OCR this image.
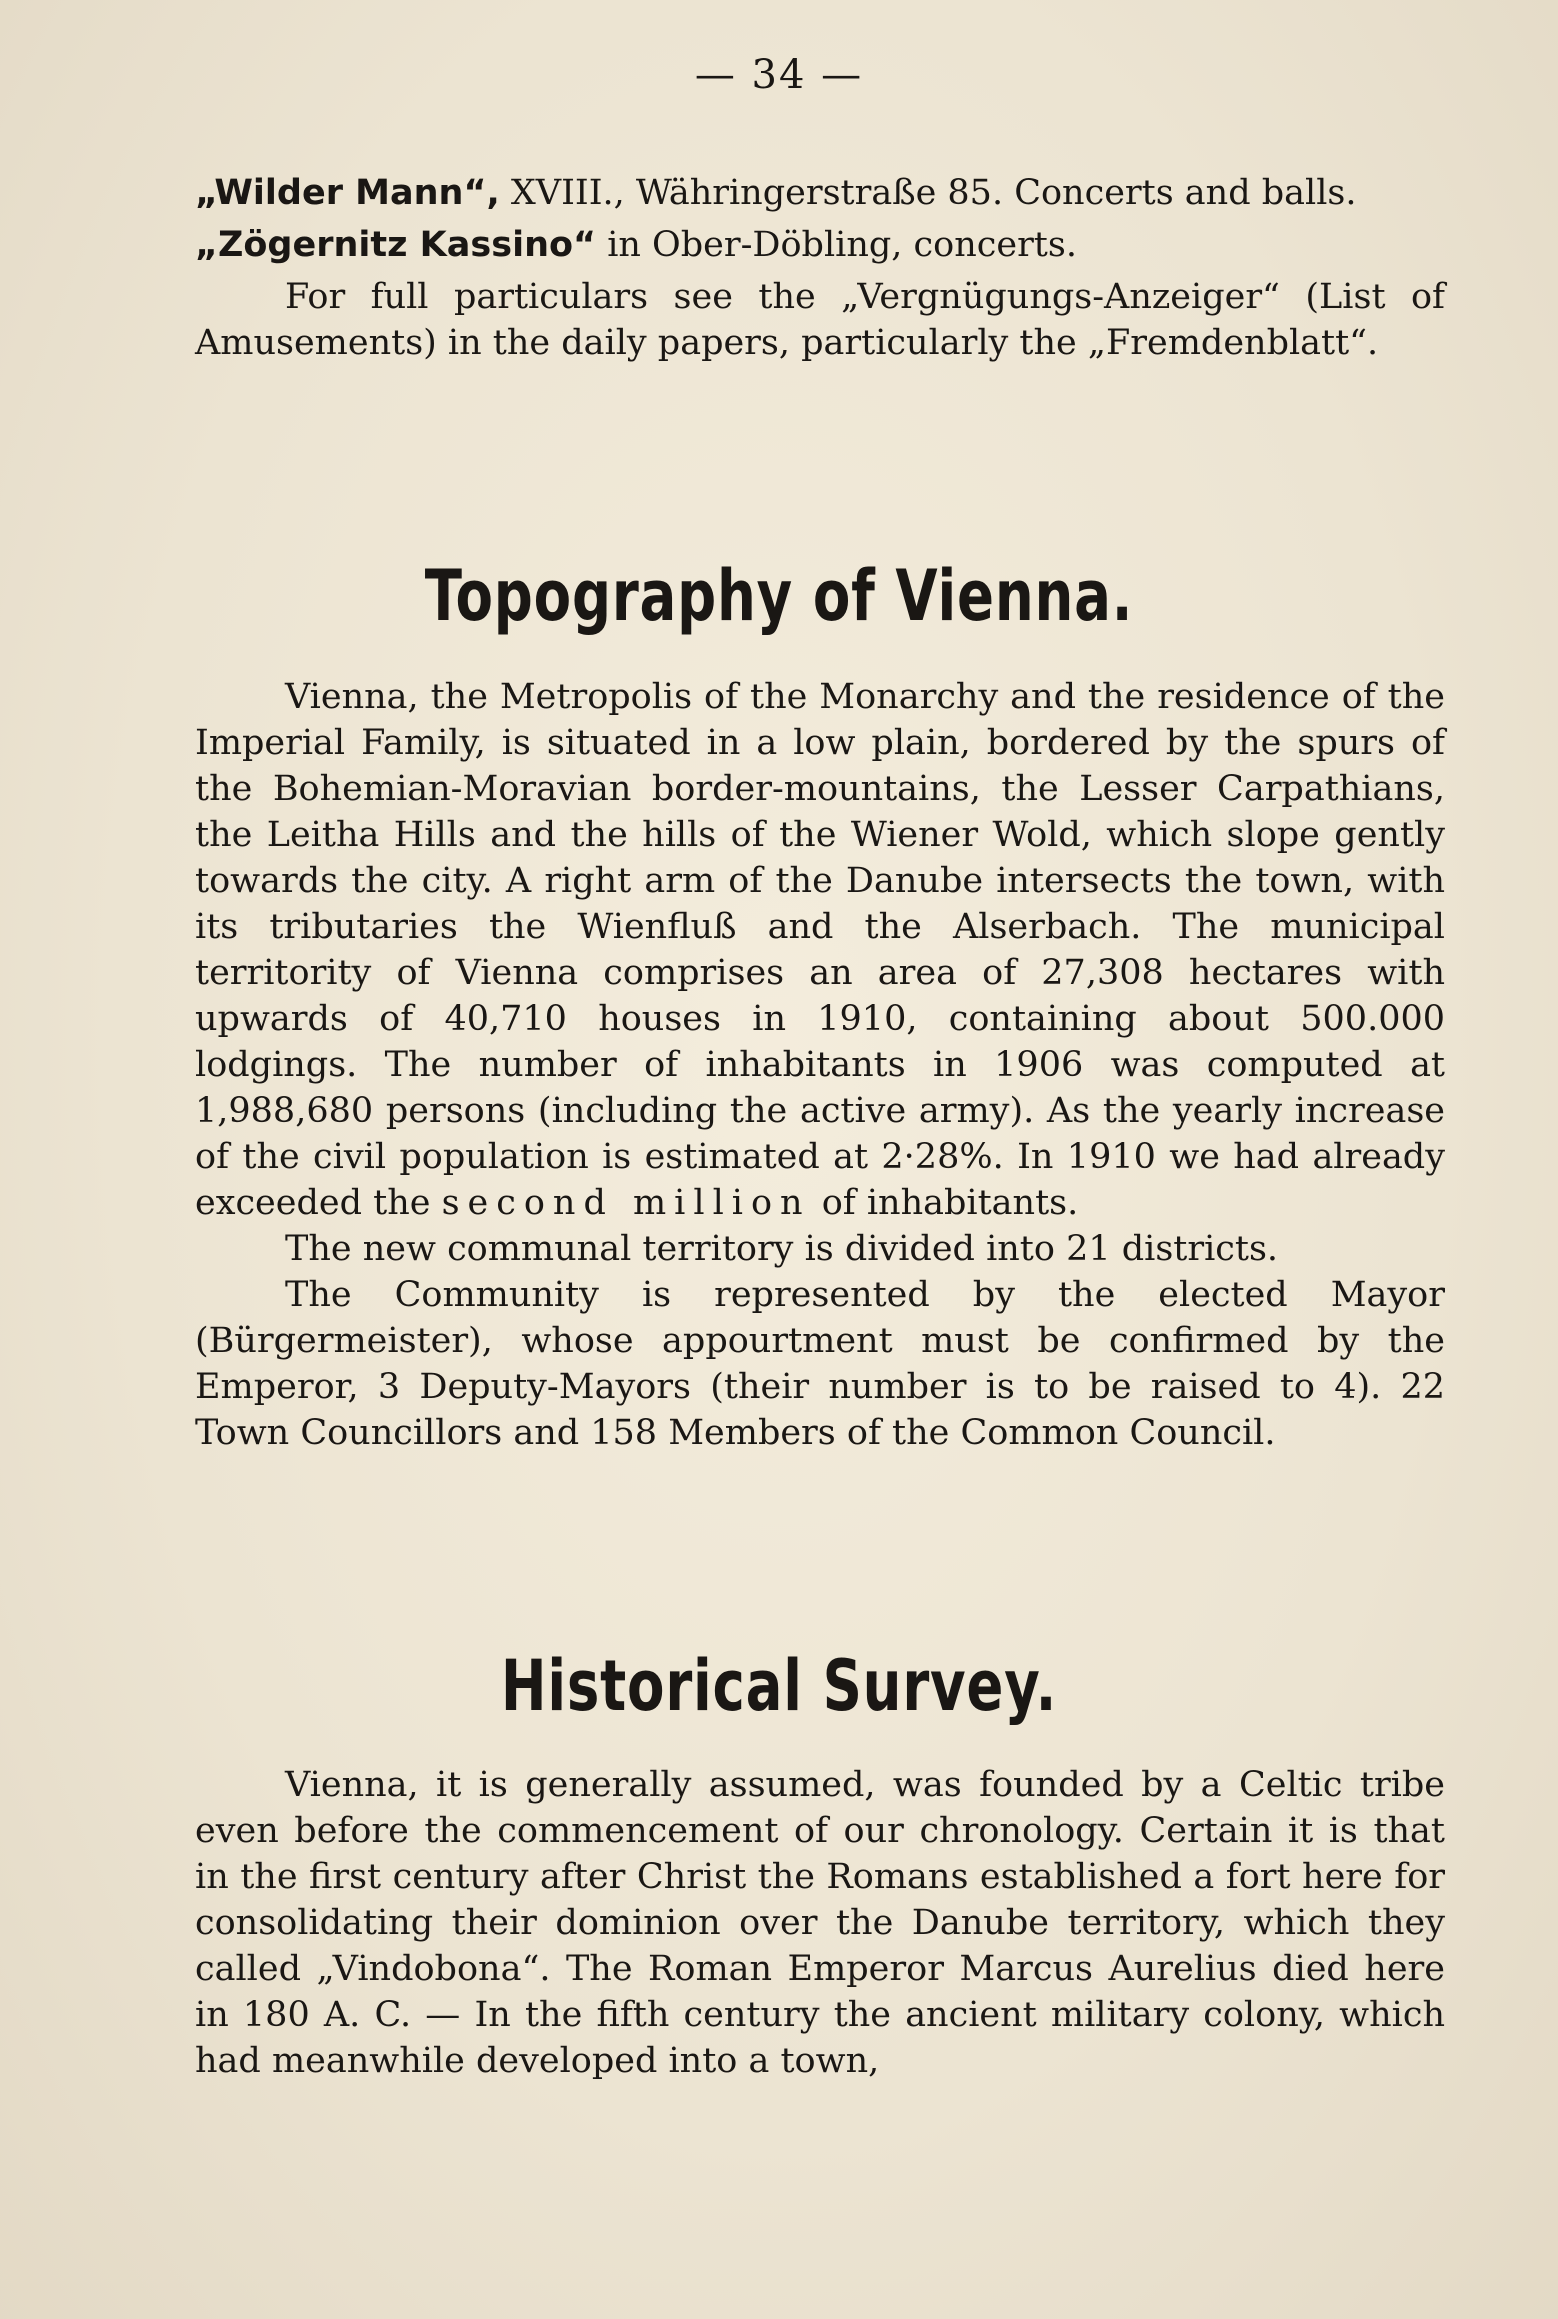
— 34 —

„Wilder Mann“, XVIII., Währingerstraße 85. Concerts and balls.

„Zögernitz Kassino“ in Ober-Döbling, concerts.

For full particulars see the „Vergnügungs-Anzeiger“ (List of Amusements) in the daily papers, particularly the „Fremdenblatt“.

Topography of Vienna.

Vienna, the Metropolis of the Monarchy and the residence of the Imperial Family, is situated in a low plain, bordered by the spurs of the Bohemian-Moravian border-mountains, the Lesser Carpathians, the Leitha Hills and the hills of the Wiener Wold, which slope gently towards the city. A right arm of the Danube intersects the town, with its tributaries the Wienfluß and the Alserbach. The municipal territority of Vienna comprises an area of 27,308 hectares with upwards of 40,710 houses in 1910, containing about 500.000 lodgings. The number of inhabitants in 1906 was computed at 1,988,680 persons (including the active army). As the yearly increase of the civil population is estimated at 2·28%. In 1910 we had already exceeded the second million of inhabitants.

The new communal territory is divided into 21 districts.

The Community is represented by the elected Mayor (Bürgermeister), whose appourtment must be confirmed by the Emperor, 3 Deputy-Mayors (their number is to be raised to 4). 22 Town Councillors and 158 Members of the Common Council.

Historical Survey.

Vienna, it is generally assumed, was founded by a Celtic tribe even before the commencement of our chronology. Certain it is that in the first century after Christ the Romans established a fort here for consolidating their dominion over the Danube territory, which they called „Vindobona“. The Roman Emperor Marcus Aurelius died here in 180 A. C. — In the fifth century the ancient military colony, which had meanwhile developed into a town,
